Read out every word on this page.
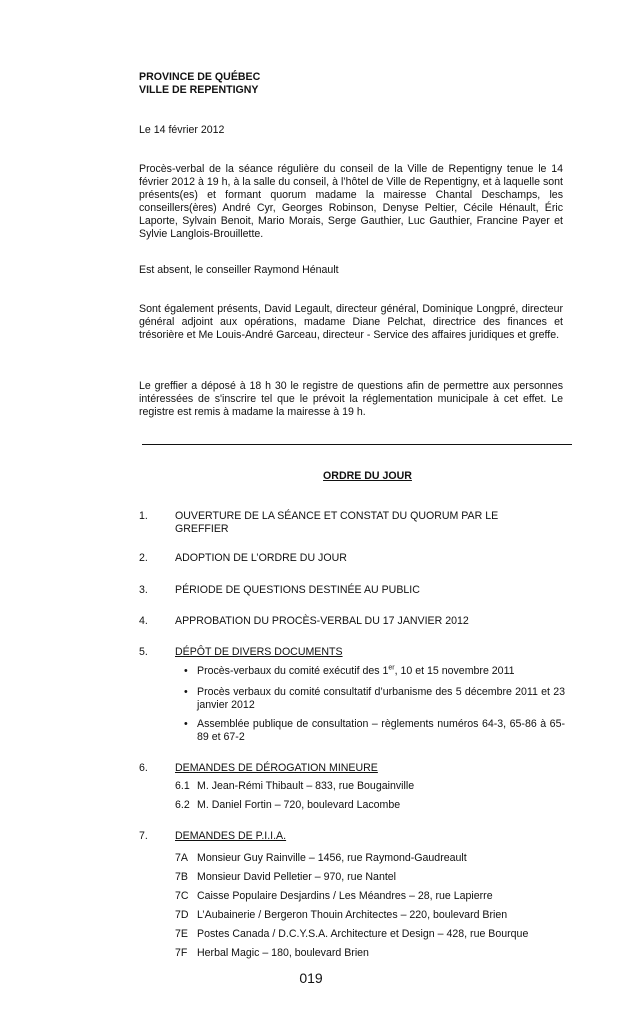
PROVINCE DE QUÉBEC
VILLE DE REPENTIGNY
Le 14 février 2012
Procès-verbal de la séance régulière du conseil de la Ville de Repentigny tenue le 14 février 2012 à 19 h, à la salle du conseil, à l’hôtel de Ville de Repentigny, et à laquelle sont présents(es) et formant quorum madame la mairesse Chantal Deschamps, les conseillers(ères) André Cyr, Georges Robinson, Denyse Peltier, Cécile Hénault, Éric Laporte, Sylvain Benoit, Mario Morais, Serge Gauthier, Luc Gauthier, Francine Payer et Sylvie Langlois-Brouillette.
Est absent, le conseiller Raymond Hénault
Sont également présents, David Legault, directeur général, Dominique Longpré, directeur général adjoint aux opérations, madame Diane Pelchat, directrice des finances et trésorière et Me Louis-André Garceau, directeur - Service des affaires juridiques et greffe.
Le greffier a déposé à 18 h 30 le registre de questions afin de permettre aux personnes intéressées de s'inscrire tel que le prévoit la réglementation municipale à cet effet. Le registre est remis à madame la mairesse à 19 h.
ORDRE DU JOUR
1.	OUVERTURE DE LA SÉANCE ET CONSTAT DU QUORUM PAR LE GREFFIER
2.	ADOPTION DE L’ORDRE DU JOUR
3.	PÉRIODE DE QUESTIONS DESTINÉE AU PUBLIC
4.	APPROBATION DU PROCÈS-VERBAL DU 17 JANVIER 2012
5.	DÉPÔT DE DIVERS DOCUMENTS
• Procès-verbaux du comité exécutif des 1er, 10 et 15 novembre 2011
• Procès verbaux du comité consultatif d’urbanisme des 5 décembre 2011 et 23 janvier 2012
• Assemblée publique de consultation – règlements numéros 64-3, 65-86 à 65-89 et 67-2
6.	DEMANDES DE DÉROGATION MINEURE
6.1 M. Jean-Rémi Thibault – 833, rue Bougainville
6.2 M. Daniel Fortin – 720, boulevard Lacombe
7.	DEMANDES DE P.I.I.A.
7A Monsieur Guy Rainville – 1456, rue Raymond-Gaudreault
7B Monsieur David Pelletier – 970, rue Nantel
7C Caisse Populaire Desjardins / Les Méandres – 28, rue Lapierre
7D L’Aubainerie / Bergeron Thouin Architectes – 220, boulevard Brien
7E Postes Canada / D.C.Y.S.A. Architecture et Design – 428, rue Bourque
7F Herbal Magic – 180, boulevard Brien
019
